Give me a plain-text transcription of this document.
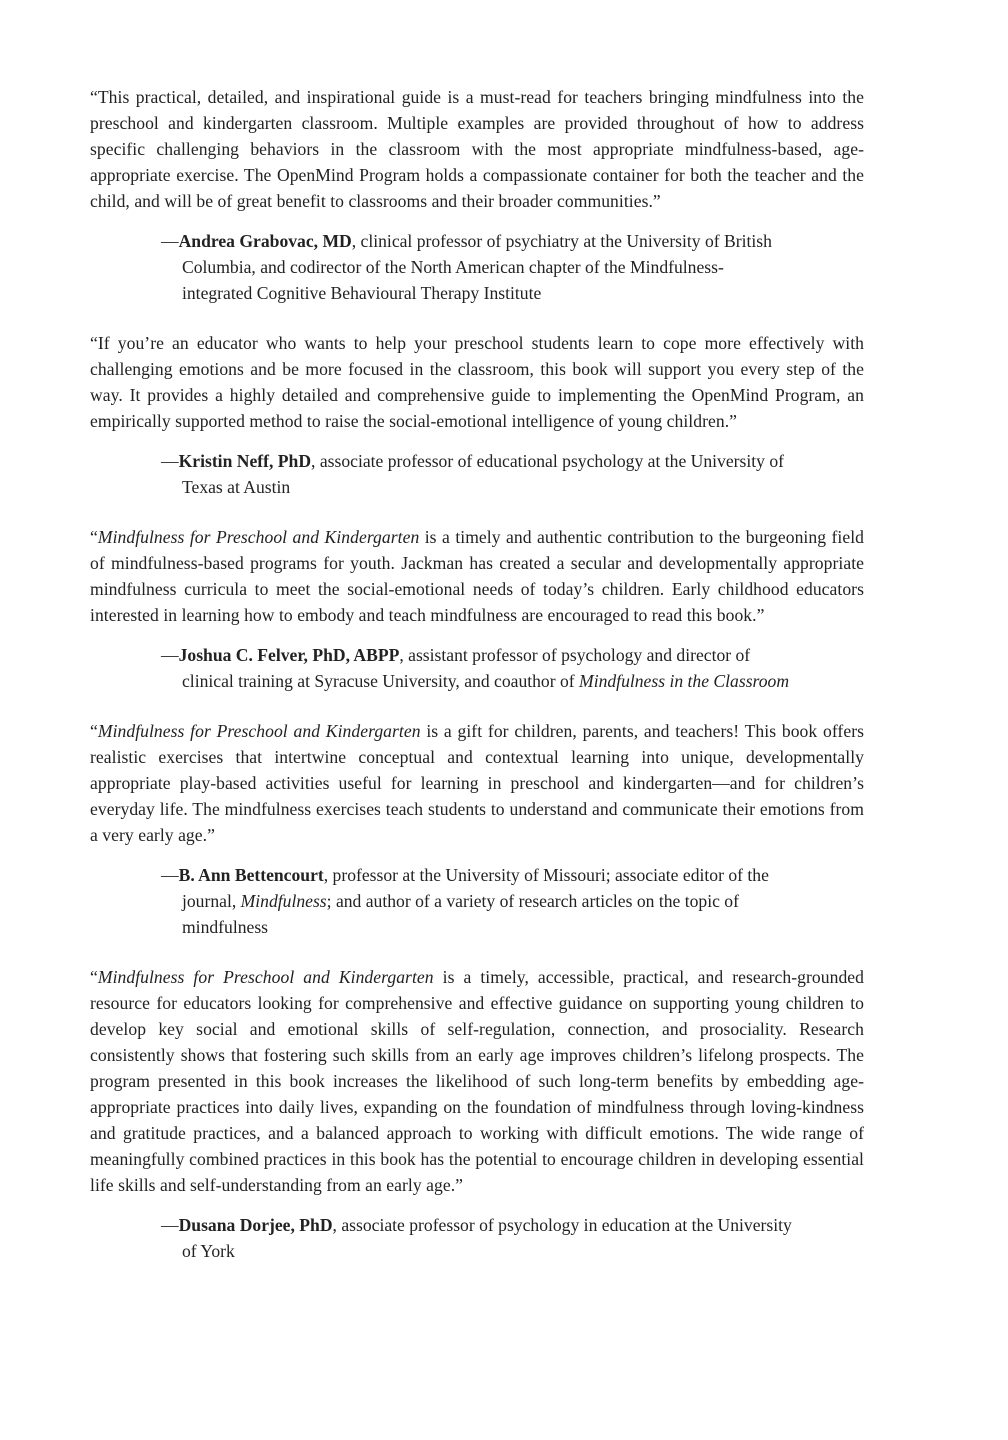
“This practical, detailed, and inspirational guide is a must-read for teachers bringing mindfulness into the preschool and kindergarten classroom. Multiple examples are provided throughout of how to address specific challenging behaviors in the classroom with the most appropriate mindfulness-based, age-appropriate exercise. The OpenMind Program holds a compassionate container for both the teacher and the child, and will be of great benefit to classrooms and their broader communities.”

—Andrea Grabovac, MD, clinical professor of psychiatry at the University of British Columbia, and codirector of the North American chapter of the Mindfulness-integrated Cognitive Behavioural Therapy Institute

“If you’re an educator who wants to help your preschool students learn to cope more effectively with challenging emotions and be more focused in the classroom, this book will support you every step of the way. It provides a highly detailed and comprehensive guide to implementing the OpenMind Program, an empirically supported method to raise the social-emotional intelligence of young children.”

—Kristin Neff, PhD, associate professor of educational psychology at the University of Texas at Austin

“Mindfulness for Preschool and Kindergarten is a timely and authentic contribution to the burgeoning field of mindfulness-based programs for youth. Jackman has created a secular and developmentally appropriate mindfulness curricula to meet the social-emotional needs of today’s children. Early childhood educators interested in learning how to embody and teach mindfulness are encouraged to read this book.”

—Joshua C. Felver, PhD, ABPP, assistant professor of psychology and director of clinical training at Syracuse University, and coauthor of Mindfulness in the Classroom

“Mindfulness for Preschool and Kindergarten is a gift for children, parents, and teachers! This book offers realistic exercises that intertwine conceptual and contextual learning into unique, developmentally appropriate play-based activities useful for learning in preschool and kindergarten—and for children’s everyday life. The mindfulness exercises teach students to understand and communicate their emotions from a very early age.”

—B. Ann Bettencourt, professor at the University of Missouri; associate editor of the journal, Mindfulness; and author of a variety of research articles on the topic of mindfulness

“Mindfulness for Preschool and Kindergarten is a timely, accessible, practical, and research-grounded resource for educators looking for comprehensive and effective guidance on supporting young children to develop key social and emotional skills of self-regulation, connection, and prosociality. Research consistently shows that fostering such skills from an early age improves children’s lifelong prospects. The program presented in this book increases the likelihood of such long-term benefits by embedding age-appropriate practices into daily lives, expanding on the foundation of mindfulness through loving-kindness and gratitude practices, and a balanced approach to working with difficult emotions. The wide range of meaningfully combined practices in this book has the potential to encourage children in developing essential life skills and self-understanding from an early age.”

—Dusana Dorjee, PhD, associate professor of psychology in education at the University of York
